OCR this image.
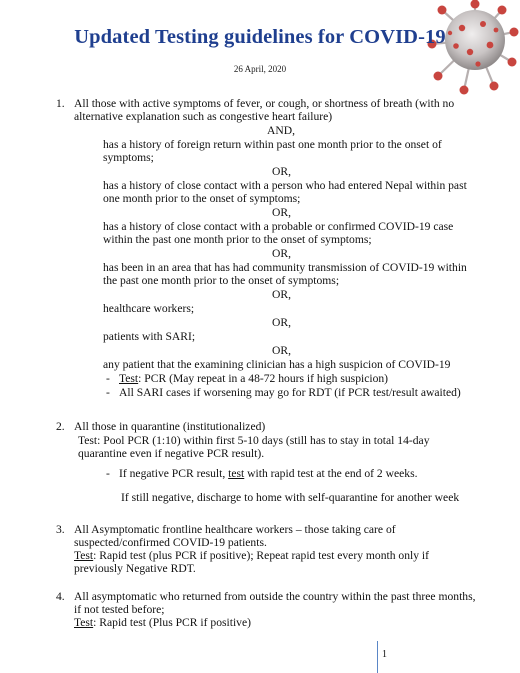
Updated Testing guidelines for COVID-19
26 April, 2020
1. All those with active symptoms of fever, or cough, or shortness of breath (with no
alternative explanation such as congestive heart failure)
AND,
has a history of foreign return within past one month prior to the onset of
symptoms;
OR,
has a history of close contact with a person who had entered Nepal within past
one month prior to the onset of symptoms;
OR,
has a history of close contact with a probable or confirmed COVID-19 case
within the past one month prior to the onset of symptoms;
OR,
has been in an area that has had community transmission of COVID-19 within
the past one month prior to the onset of symptoms;
OR,
healthcare workers;
OR,
patients with SARI;
OR,
any patient that the examining clinician has a high suspicion of COVID-19
- Test: PCR (May repeat in a 48-72 hours if high suspicion)
- All SARI cases if worsening may go for RDT (if PCR test/result awaited)
2. All those in quarantine (institutionalized)
Test: Pool PCR (1:10) within first 5-10 days (still has to stay in total 14-day
quarantine even if negative PCR result).
- If negative PCR result, test with rapid test at the end of 2 weeks.
If still negative, discharge to home with self-quarantine for another week
3. All Asymptomatic frontline healthcare workers – those taking care of
suspected/confirmed COVID-19 patients.
Test: Rapid test (plus PCR if positive); Repeat rapid test every month only if
previously Negative RDT.
4. All asymptomatic who returned from outside the country within the past three months,
if not tested before;
Test: Rapid test (Plus PCR if positive)
1
